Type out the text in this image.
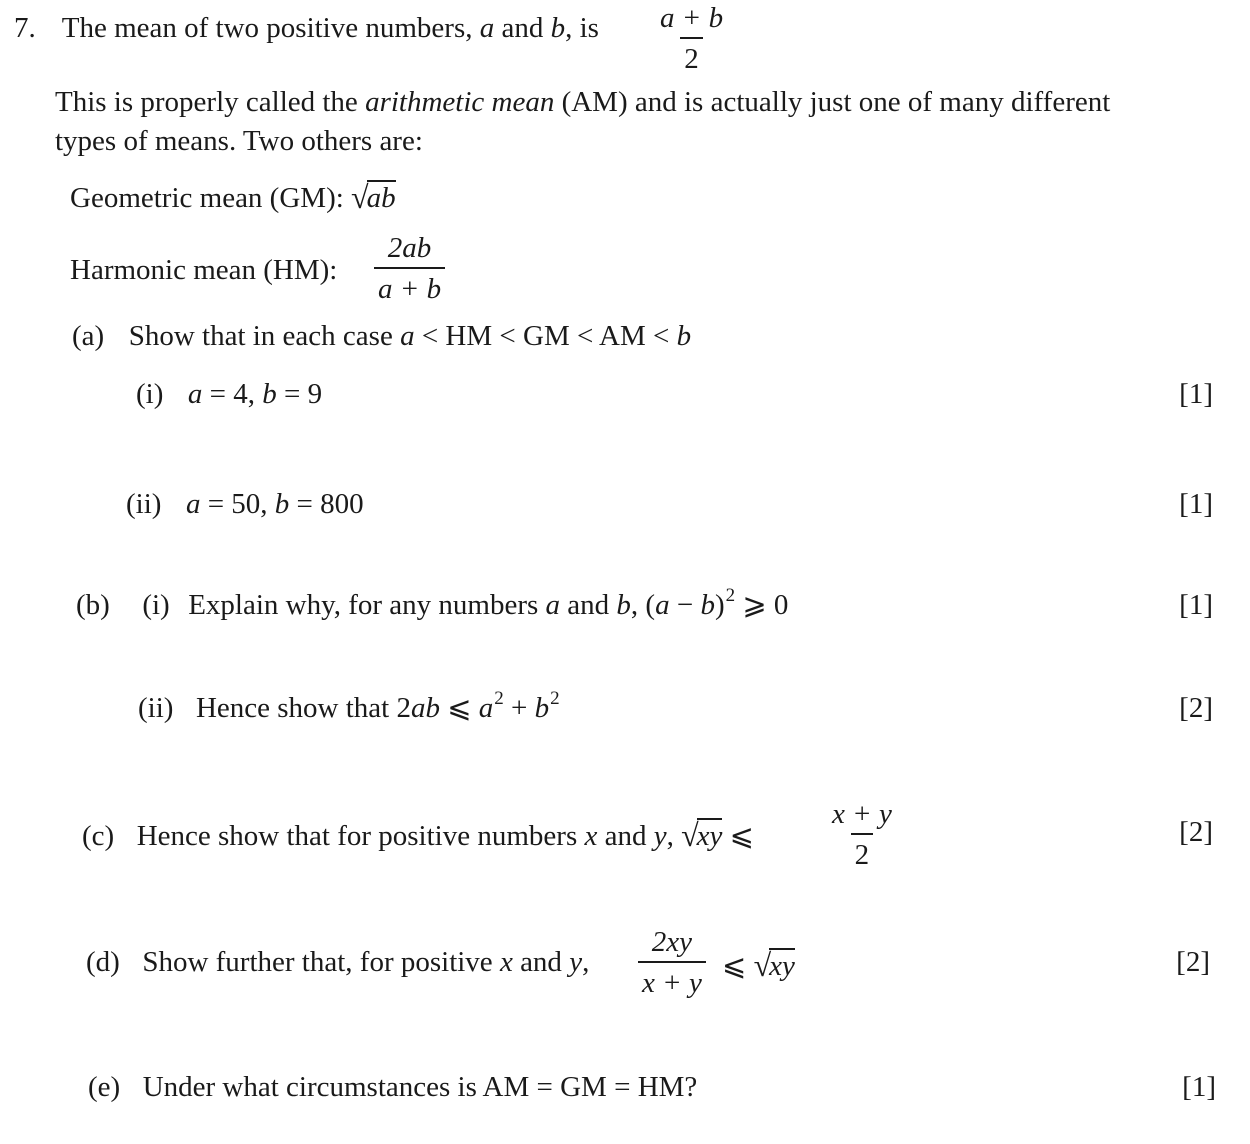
7. The mean of two positive numbers, a and b, is $\frac{a + b}{2}$
This is properly called the arithmetic mean (AM) and is actually just one of many different
types of means. Two others are:
Geometric mean (GM): √ab
Harmonic mean (HM): $\frac{2ab}{a + b}$
(a) Show that in each case a < HM < GM < AM < b
(i) a = 4, b = 9	[1]
(ii) a = 50, b = 800	[1]
(b) (i) Explain why, for any numbers a and b, $(a - b)^2$ ⩾ 0	[1]
(ii) Hence show that 2ab ⩽ $a^2 + b^2$	[2]
(c) Hence show that for positive numbers x and y, √xy ⩽	$\frac{x + y}{2}$	[2]
(d) Show further that, for positive x and y, $\frac{2xy}{x + y}$ ⩽ √xy	[2]
(e) Under what circumstances is AM = GM = HM?	[1]
